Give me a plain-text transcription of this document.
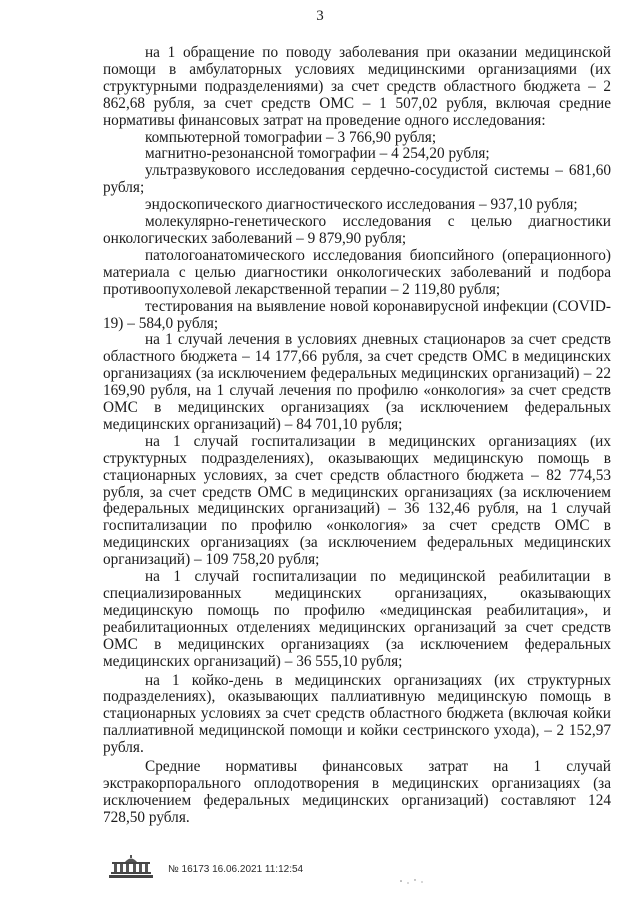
3

на 1 обращение по поводу заболевания при оказании медицинской помощи в амбулаторных условиях медицинскими организациями (их структурными подразделениями) за счет средств областного бюджета – 2 862,68 рубля, за счет средств ОМС – 1 507,02 рубля, включая средние нормативы финансовых затрат на проведение одного исследования:

компьютерной томографии – 3 766,90 рубля;

магнитно-резонансной томографии – 4 254,20 рубля;

ультразвукового исследования сердечно-сосудистой системы – 681,60 рубля;

эндоскопического диагностического исследования – 937,10 рубля;

молекулярно-генетического исследования с целью диагностики онкологических заболеваний – 9 879,90 рубля;

патологоанатомического исследования биопсийного (операционного) материала с целью диагностики онкологических заболеваний и подбора противоопухолевой лекарственной терапии – 2 119,80 рубля;

тестирования на выявление новой коронавирусной инфекции (COVID-19) – 584,0 рубля;

на 1 случай лечения в условиях дневных стационаров за счет средств областного бюджета – 14 177,66 рубля, за счет средств ОМС в медицинских организациях (за исключением федеральных медицинских организаций) – 22 169,90 рубля, на 1 случай лечения по профилю «онкология» за счет средств ОМС в медицинских организациях (за исключением федеральных медицинских организаций) – 84 701,10 рубля;

на 1 случай госпитализации в медицинских организациях (их структурных подразделениях), оказывающих медицинскую помощь в стационарных условиях, за счет средств областного бюджета – 82 774,53 рубля, за счет средств ОМС в медицинских организациях (за исключением федеральных медицинских организаций) – 36 132,46 рубля, на 1 случай госпитализации по профилю «онкология» за счет средств ОМС в медицинских организациях (за исключением федеральных медицинских организаций) – 109 758,20 рубля;

на 1 случай госпитализации по медицинской реабилитации в специализированных медицинских организациях, оказывающих медицинскую помощь по профилю «медицинская реабилитация», и реабилитационных отделениях медицинских организаций за счет средств ОМС в медицинских организациях (за исключением федеральных медицинских организаций) – 36 555,10 рубля;

на 1 койко-день в медицинских организациях (их структурных подразделениях), оказывающих паллиативную медицинскую помощь в стационарных условиях за счет средств областного бюджета (включая койки паллиативной медицинской помощи и койки сестринского ухода), – 2 152,97 рубля.

Средние нормативы финансовых затрат на 1 случай экстракорпорального оплодотворения в медицинских организациях (за исключением федеральных медицинских организаций) составляют 124 728,50 рубля.

№ 16173 16.06.2021 11:12:54
